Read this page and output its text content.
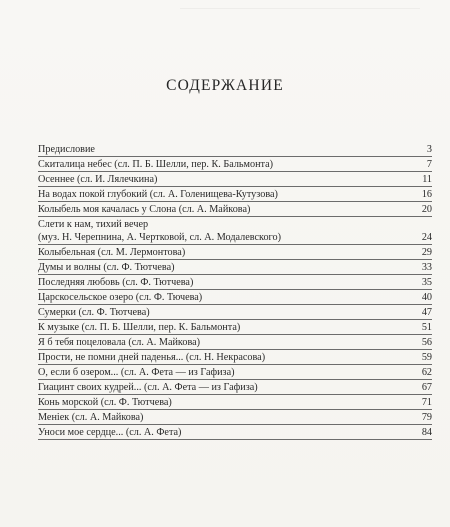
СОДЕРЖАНИЕ
Предисловие	3
Скиталица небес (сл. П. Б. Шелли, пер. К. Бальмонта)	7
Осеннее (сл. И. Лялечкина)	11
На водах покой глубокий (сл. А. Голенищева-Кутузова)	16
Колыбель моя качалась у Слона (сл. А. Майкова)	20
Слети к нам, тихий вечер
(муз. Н. Черепнина, А. Чертковой, сл. А. Модалевского)	24
Колыбельная (сл. М. Лермонтова)	29
Думы и волны (сл. Ф. Тютчева)	33
Последняя любовь (сл. Ф. Тютчева)	35
Царскосельское озеро (сл. Ф. Тючева)	40
Сумерки (сл. Ф. Тютчева)	47
К музыке (сл. П. Б. Шелли, пер. К. Бальмонта)	51
Я б тебя поцеловала (сл. А. Майкова)	56
Прости, не помни дней паденья... (сл. Н. Некрасова)	59
О, если б озером... (сл. А. Фета — из Гафиза)	62
Гиацинт своих кудрей... (сл. А. Фета — из Гафиза)	67
Конь морской (сл. Ф. Тютчева)	71
Менiек (сл. А. Майкова)	79
Уноси мое сердце... (сл. А. Фета)	84
